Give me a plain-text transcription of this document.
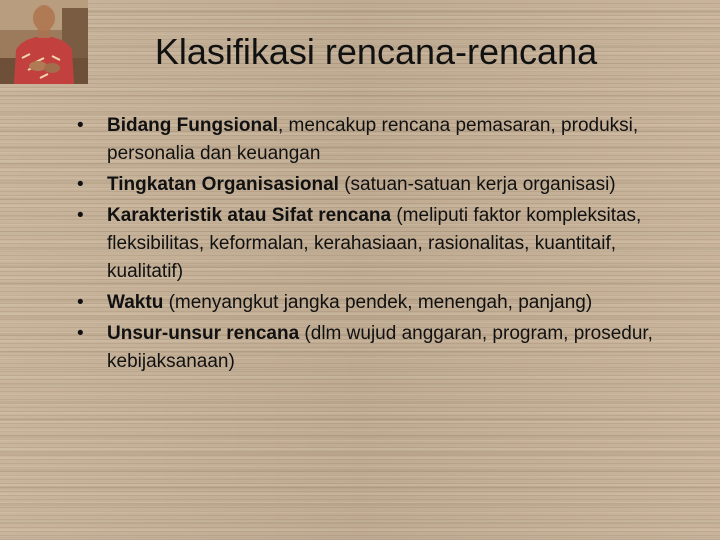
Klasifikasi rencana-rencana
• Bidang Fungsional, mencakup rencana pemasaran, produksi, personalia dan keuangan
• Tingkatan Organisasional (satuan-satuan kerja organisasi)
• Karakteristik atau Sifat rencana (meliputi faktor kompleksitas, fleksibilitas, keformalan, kerahasiaan, rasionalitas, kuantitaif, kualitatif)
• Waktu (menyangkut jangka pendek, menengah, panjang)
• Unsur-unsur rencana (dlm wujud anggaran, program, prosedur, kebijaksanaan)
